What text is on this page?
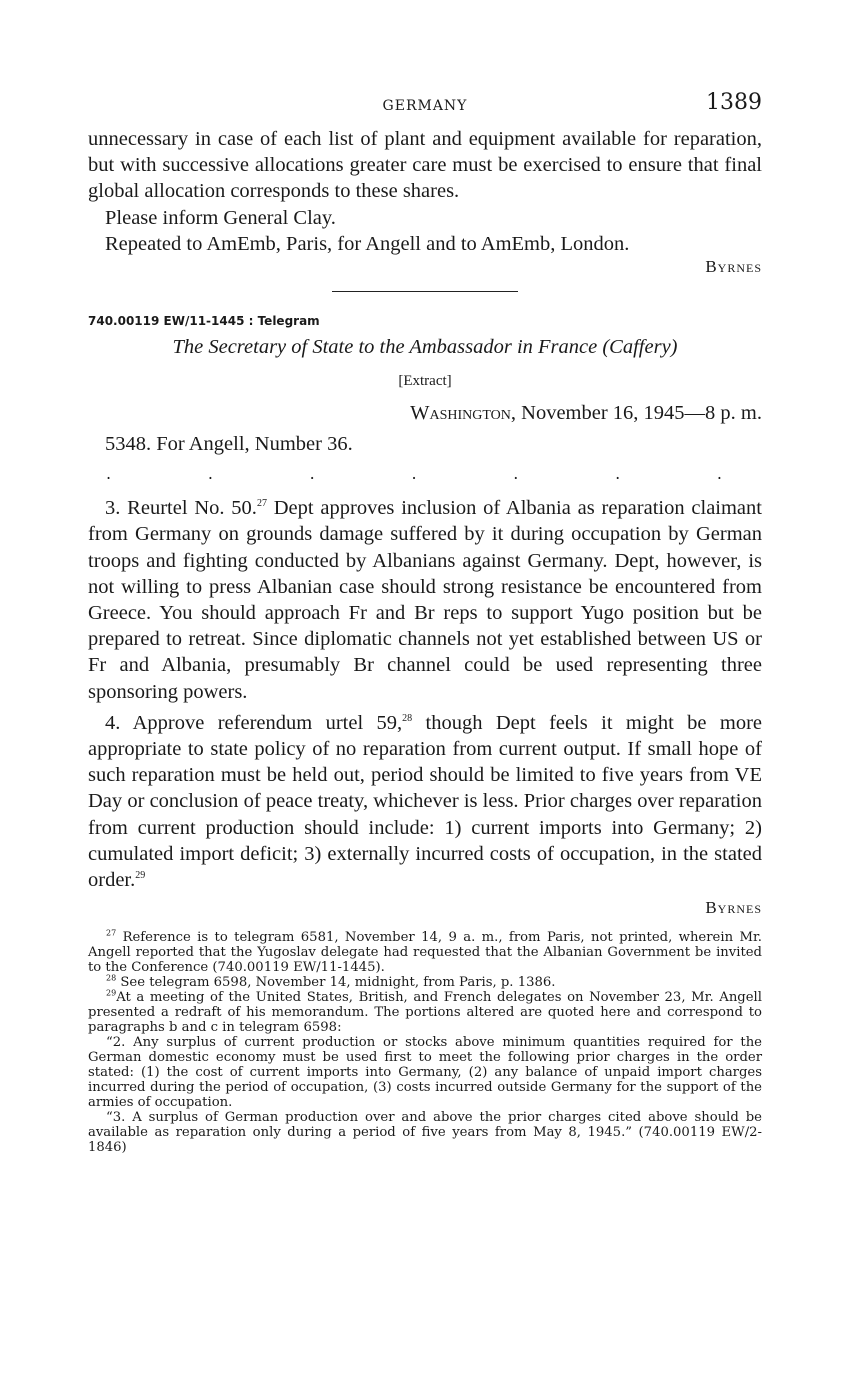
GERMANY	1389

unnecessary in case of each list of plant and equipment available for reparation, but with successive allocations greater care must be exercised to ensure that final global allocation corresponds to these shares.

Please inform General Clay.

Repeated to AmEmb, Paris, for Angell and to AmEmb, London.

Byrnes

740.00119 EW/11-1445 : Telegram

The Secretary of State to the Ambassador in France (Caffery)

[Extract]

Washington, November 16, 1945—8 p. m.

5348. For Angell, Number 36.

.	.	.	.	.	.	.

3. Reurtel No. 50.27 Dept approves inclusion of Albania as reparation claimant from Germany on grounds damage suffered by it during occupation by German troops and fighting conducted by Albanians against Germany. Dept, however, is not willing to press Albanian case should strong resistance be encountered from Greece. You should approach Fr and Br reps to support Yugo position but be prepared to retreat. Since diplomatic channels not yet established between US or Fr and Albania, presumably Br channel could be used representing three sponsoring powers.

4. Approve referendum urtel 59,28 though Dept feels it might be more appropriate to state policy of no reparation from current output. If small hope of such reparation must be held out, period should be limited to five years from VE Day or conclusion of peace treaty, whichever is less. Prior charges over reparation from current production should include: 1) current imports into Germany; 2) cumulated import deficit; 3) externally incurred costs of occupation, in the stated order.$^{29}$

Byrnes

$^{27}$ Reference is to telegram 6581, November 14, 9 a. m., from Paris, not printed, wherein Mr. Angell reported that the Yugoslav delegate had requested that the Albanian Government be invited to the Conference (740.00119 EW/11-1445).

$^{28}$ See telegram 6598, November 14, midnight, from Paris, p. 1386.

$^{29}$At a meeting of the United States, British, and French delegates on November 23, Mr. Angell presented a redraft of his memorandum. The portions altered are quoted here and correspond to paragraphs b and c in telegram 6598:

“2. Any surplus of current production or stocks above minimum quantities required for the German domestic economy must be used first to meet the following prior charges in the order stated: (1) the cost of current imports into Germany, (2) any balance of unpaid import charges incurred during the period of occupation, (3) costs incurred outside Germany for the support of the armies of occupation.

“3. A surplus of German production over and above the prior charges cited above should be available as reparation only during a period of five years from May 8, 1945.” (740.00119 EW/2-1846)
